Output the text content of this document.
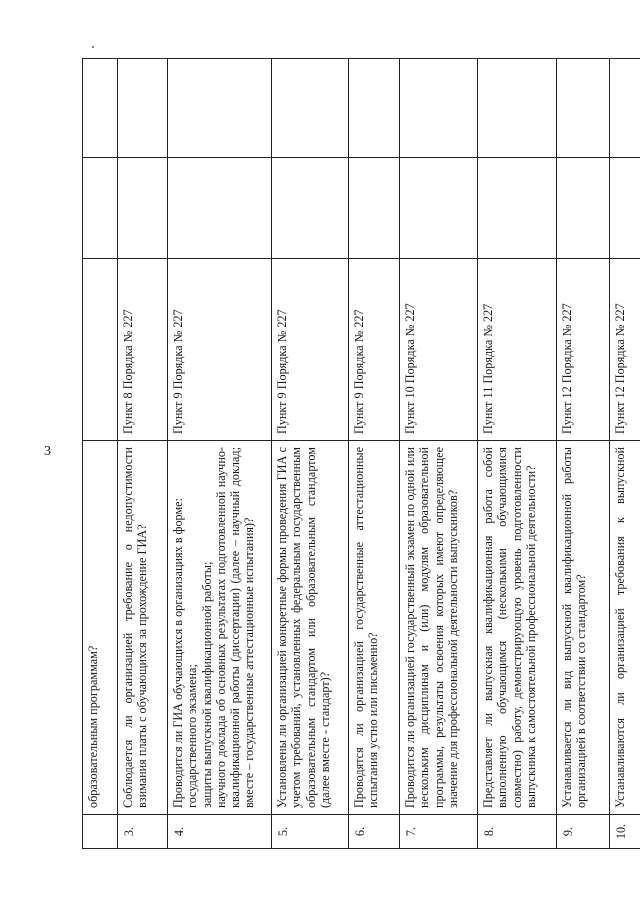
3
	образовательным программам?			
3.	Соблюдается ли организацией требование о недопустимости взимания платы с обучающихся за прохождение ГИА?	Пункт 8 Порядка № 227		
4.	Проводится ли ГИА обучающихся в организациях в форме:
государственного экзамена;
защиты выпускной квалификационной работы;
научного доклада об основных результатах подготовленной научно-квалификационной работы (диссертации) (далее – научный доклад; вместе – государственные аттестационные испытания)?	Пункт 9 Порядка № 227		
5.	Установлены ли организацией конкретные формы проведения ГИА с учетом требований, установленных федеральным государственным образовательным стандартом или образовательным стандартом (далее вместе - стандарт)?	Пункт 9 Порядка № 227		
6.	Проводятся ли организацией государственные аттестационные испытания устно или письменно?	Пункт 9 Порядка № 227		
7.	Проводится ли организацией государственный экзамен по одной или нескольким дисциплинам и (или) модулям образовательной программы, результаты освоения которых имеют определяющее значение для профессиональной деятельности выпускников?	Пункт 10 Порядка № 227		
8.	Представляет ли выпускная квалификационная работа собой выполненную обучающимся (несколькими обучающимися совместно) работу, демонстрирующую уровень подготовленности выпускника к самостоятельной профессиональной деятельности?	Пункт 11 Порядка № 227		
9.	Устанавливается ли вид выпускной квалификационной работы организацией в соответствии со стандартом?	Пункт 12 Порядка № 227		
10.	Устанавливаются ли организацией требования к выпускной	Пункт 12 Порядка № 227		
